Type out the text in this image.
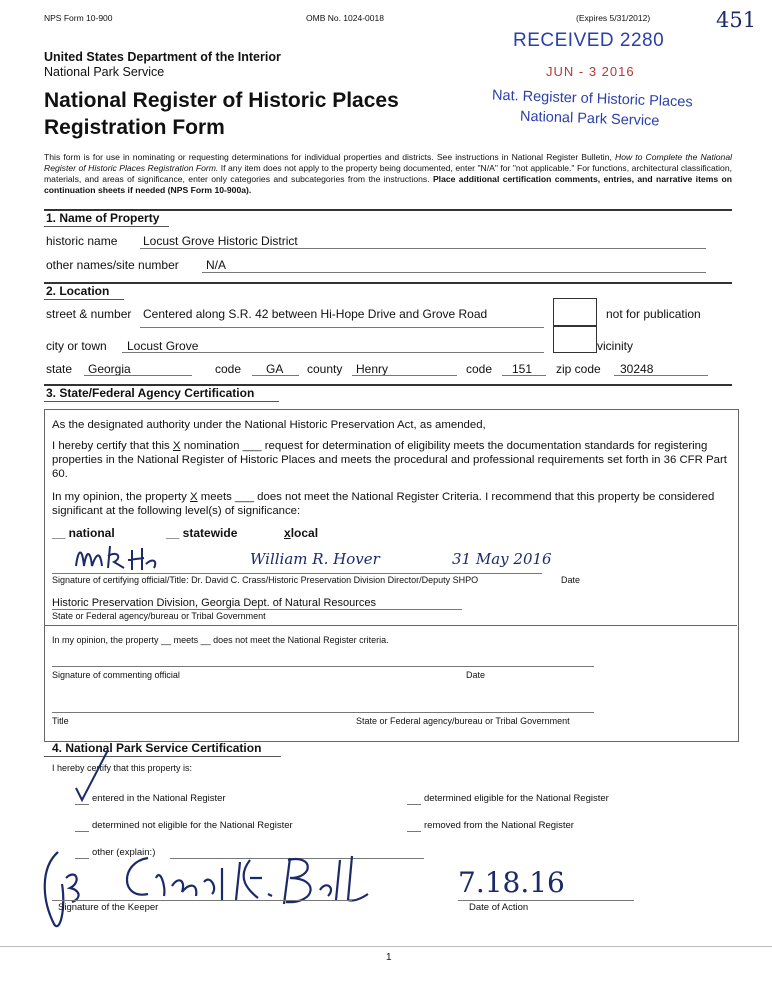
NPS Form 10-900	OMB No. 1024-0018	(Expires 5/31/2012)	451
RECEIVED 2280
JUN - 3 2016
Nat. Register of Historic Places
National Park Service
United States Department of the Interior
National Park Service
National Register of Historic Places
Registration Form

This form is for use in nominating or requesting determinations for individual properties and districts. See instructions in National Register Bulletin, How to Complete the National Register of Historic Places Registration Form. If any item does not apply to the property being documented, enter "N/A" for "not applicable." For functions, architectural classification, materials, and areas of significance, enter only categories and subcategories from the instructions. Place additional certification comments, entries, and narrative items on continuation sheets if needed (NPS Form 10-900a).

1. Name of Property
historic name Locust Grove Historic District
other names/site number N/A
2. Location
street & number Centered along S.R. 42 between Hi-Hope Drive and Grove Road	not for publication
city or town Locust Grove	vicinity
state Georgia	code GA county Henry	code 151 zip code 30248
3. State/Federal Agency Certification
As the designated authority under the National Historic Preservation Act, as amended,

I hereby certify that this X nomination ___ request for determination of eligibility meets the documentation standards for registering properties in the National Register of Historic Places and meets the procedural and professional requirements set forth in 36 CFR Part 60.

In my opinion, the property X meets ___ does not meet the National Register Criteria. I recommend that this property be considered significant at the following level(s) of significance:

__ national	__ statewide	xlocal
William R. Hover	31 May 2016
Signature of certifying official/Title: Dr. David C. Crass/Historic Preservation Division Director/Deputy SHPO	Date
Historic Preservation Division, Georgia Dept. of Natural Resources
State or Federal agency/bureau or Tribal Government
In my opinion, the property __ meets __ does not meet the National Register criteria.
Signature of commenting official	Date
Title	State or Federal agency/bureau or Tribal Government
4. National Park Service Certification
I hereby certify that this property is:
entered in the National Register	determined eligible for the National Register
determined not eligible for the National Register	removed from the National Register
other (explain:)
Signature of the Keeper
7.18.16
Date of Action
1
